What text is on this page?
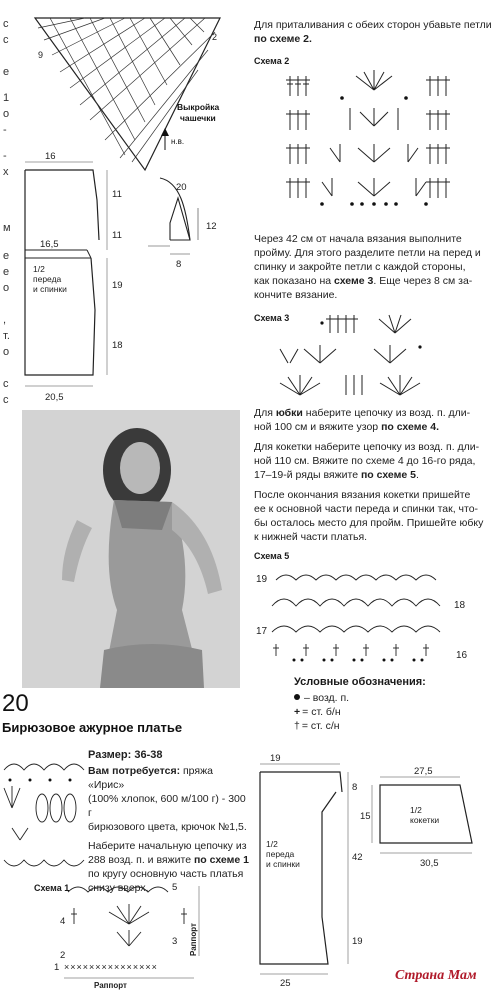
с
с
е
1
о
-
-
х
м
е
е
о
,
т.
о
с
с
9
2
Выкройка
чашечки
н.в.
20
12
8
16
11
11
16,5
1/2
переда
и спинки	19
18
20,5
Для приталивания с обеих сторон убавьте петли
по схеме 2.
Схема 2
Через 42 см от начала вязания выполните
пройму. Для этого разделите петли на перед и
спинку и закройте петли с каждой стороны,
как показано на схеме 3. Еще через 8 см за-
кончите вязание.
Схема 3
Для юбки наберите цепочку из возд. п. дли-
ной 100 см и вяжите узор по схеме 4.
Для кокетки наберите цепочку из возд. п. дли-
ной 110 см. Вяжите по схеме 4 до 16-го ряда,
17–19-й ряды вяжите по схеме 5.
После окончания вязания кокетки пришейте
ее к основной части переда и спинки так, что-
бы осталось место для пройм. Пришейте юбку
к нижней части платья.
Схема 5
19
18
17
16
Условные обозначения:
– возд. п.
+ = ст. б/н
† = ст. с/н
20
Бирюзовое ажурное платье
Размер: 36-38
Вам потребуется: пряжа «Ирис»
(100% хлопок, 600 м/100 г) - 300 г
бирюзового цвета, крючок №1,5.
Наберите начальную цепочку из
288 возд. п. и вяжите по схеме 1
по кругу основную часть платья
снизу вверх.
Схема 1	5
4
3
2
1 ×××××××××××××××
Раппорт
Раппорт
19
8
1/2
переда
и спинки
42
19
25
27,5
15
1/2
кокетки
30,5
Страна Мам
